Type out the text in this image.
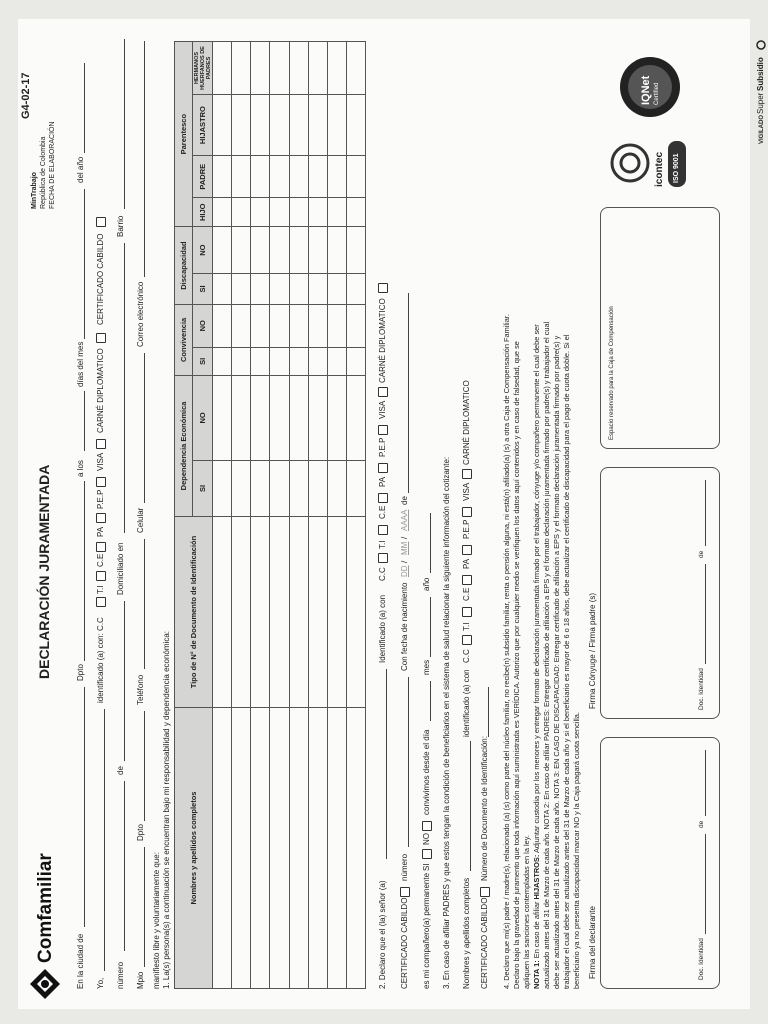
Comfamiliar
DECLARACIÓN JURAMENTADA
G4-02-17
MinTrabajo República de Colombia FECHA DE ELABORACIÓN
En la ciudad de
Dpto
a los
días del mes
del año
Yo,
identificado (a) con: C.C
T.I
C.E
PA
P.E.P
VISA
CARNÉ DIPLOMATICO
CERTIFICADO CABILDO
número
de
Domiciliado en
Barrio
Mpio
Dpto
Teléfono
Celular
Correo electrónico
manifiesto libre y voluntariamente que: 1. La(s) persona(s) a continuación se encuentran bajo mi responsabilidad y dependencia económica: Nombres y apellidos completos	Tipo de N° de Documento de Identificación	Dependencia Económica		Convivencia		Discapacidad		Parentesco			
		SI	NO	SI	NO	SI	NO	HIJO	PADRE	HIJASTRO	HERMANOS HUERFANOS DE PADRES

2. Declaro que el (la) señor (a)
Identificado (a) con
C.C
T.I
C.E
PA
P.E.P
VISA
CARNÉ DIPLOMATICO
CERTIFICADO CABILDO
número
Con fecha de nacimiento
DD
/
MM
/
AAAA
de
es mi compañero(a) permanente
SI
NO
convivimos desde el día
mes
año 3. En caso de afiliar PADRES y que estos tengan la condición de beneficiarios en el sistema de salud relacionar la siguiente información del cotizante: Nombres y apellidos completos
identificado (a) con
C.C
T.I
C.E
PA
P.E.P
VISA
CARNÉ DIPLOMATICO
CERTIFICADO CABILDO
Número de Documento de Identificación: 4. Declaro que mi(s) padre / madre(s), relacionado (a) (s) como parte del núcleo familiar, no recibe(n) subsidio familiar, renta o pensión alguna, ni está(n) afiliado(a) (s) a otra Caja de Compensación Familiar. Declaro bajo la gravedad de juramento que toda información aquí suministrada es VERÍDICA. Autorizo que por cualquier medio se verifiquen los datos aquí contenidos y en caso de falsedad, que se apliquen las sanciones contempladas en la ley. NOTA 1: En caso de afiliar HIJASTROS: Adjuntar custodia por los menores y entregar formato de declaración juramentada firmado por el trabajador, cónyuge y/o compañero permanente el cual debe ser actualizado antes del 31 de Marzo de cada año. NOTA 2: En caso de afiliar PADRES: Entregar certificado de afiliación a EPS y el formato declaración juramentada firmado por padre(s) y trabajador el cual debe ser actualizado antes del 31 de Marzo de cada año. NOTA 3: EN CASO DE DISCAPACIDAD: Entregar certificado de afiliación a EPS y el formato declaración juramentada firmado por padre(s) y trabajador el cual debe ser actualizado antes del 31 de Marzo de cada año y si el beneficiario es mayor de 6 o 18 años, debe actualizar el certificado de discapacidad para el pago de cuota doble. Si el beneficiario ya no presenta discapacidad marcar NO y la Caja pagará cuota sencilla. Firma del declarante	Doc. Identidad
de
Firma Cónyuge / Firma padre (s)	Doc. Identidad
de
Espacio reservado para la Caja de Compensación
icontec ISO 9001
IQNet Certified
VIGILADO
Super
Subsidio
